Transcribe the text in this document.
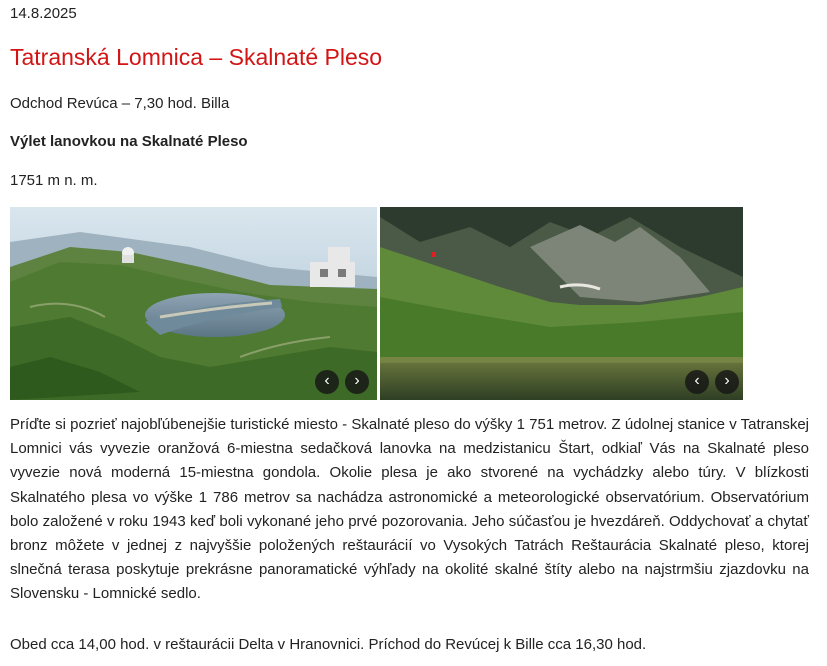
14.8.2025
Tatranská Lomnica – Skalnaté Pleso
Odchod Revúca – 7,30 hod. Billa
Výlet lanovkou na Skalnaté Pleso
1751 m n. m.
‹	›	‹	›

Príďte si pozrieť najobľúbenejšie turistické miesto - Skalnaté pleso do výšky 1 751 metrov. Z údolnej stanice v Tatranskej Lomnici vás vyvezie oranžová 6-miestna sedačková lanovka na medzistanicu Štart, odkiaľ Vás na Skalnaté pleso vyvezie nová moderná 15-miestna gondola. Okolie plesa je ako stvorené na vychádzky alebo túry. V blízkosti Skalnatého plesa vo výške 1 786 metrov sa nachádza astronomické a meteorologické observatórium. Observatórium bolo založené v roku 1943 keď boli vykonané jeho prvé pozorovania. Jeho súčasťou je hvezdáreň. Oddychovať a chytať bronz môžete v jednej z najvyššie položených reštaurácií vo Vysokých Tatrách Reštaurácia Skalnaté pleso, ktorej slnečná terasa poskytuje prekrásne panoramatické výhľady na okolité skalné štíty alebo na najstrmšiu zjazdovku na Slovensku - Lomnické sedlo.

Obed cca 14,00 hod. v reštaurácii Delta v Hranovnici. Príchod do Revúcej k Bille cca 16,30 hod.
